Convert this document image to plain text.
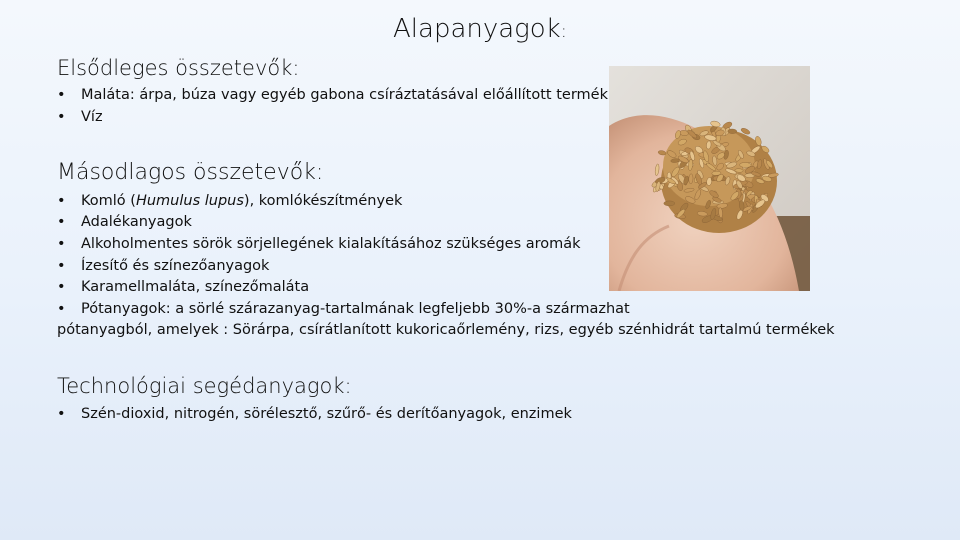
Alapanyagok:
Elsődleges összetevők:
• Maláta: árpa, búza vagy egyéb gabona csíráztatásával előállított termék
• Víz
Másodlagos összetevők:
• Komló (Humulus lupus), komlókészítmények
• Adalékanyagok
• Alkoholmentes sörök sörjellegének kialakításához szükséges aromák
• Ízesítő és színezőanyagok
• Karamellmaláta, színezőmaláta
• Pótanyagok: a sörlé szárazanyag-tartalmának legfeljebb 30%-a származhat
pótanyagból, amelyek : Sörárpa, csírátlanított kukoricaőrlemény, rizs, egyéb szénhidrát tartalmú termékek
Technológiai segédanyagok:
• Szén-dioxid, nitrogén, sörélesztő, szűrő- és derítőanyagok, enzimek
